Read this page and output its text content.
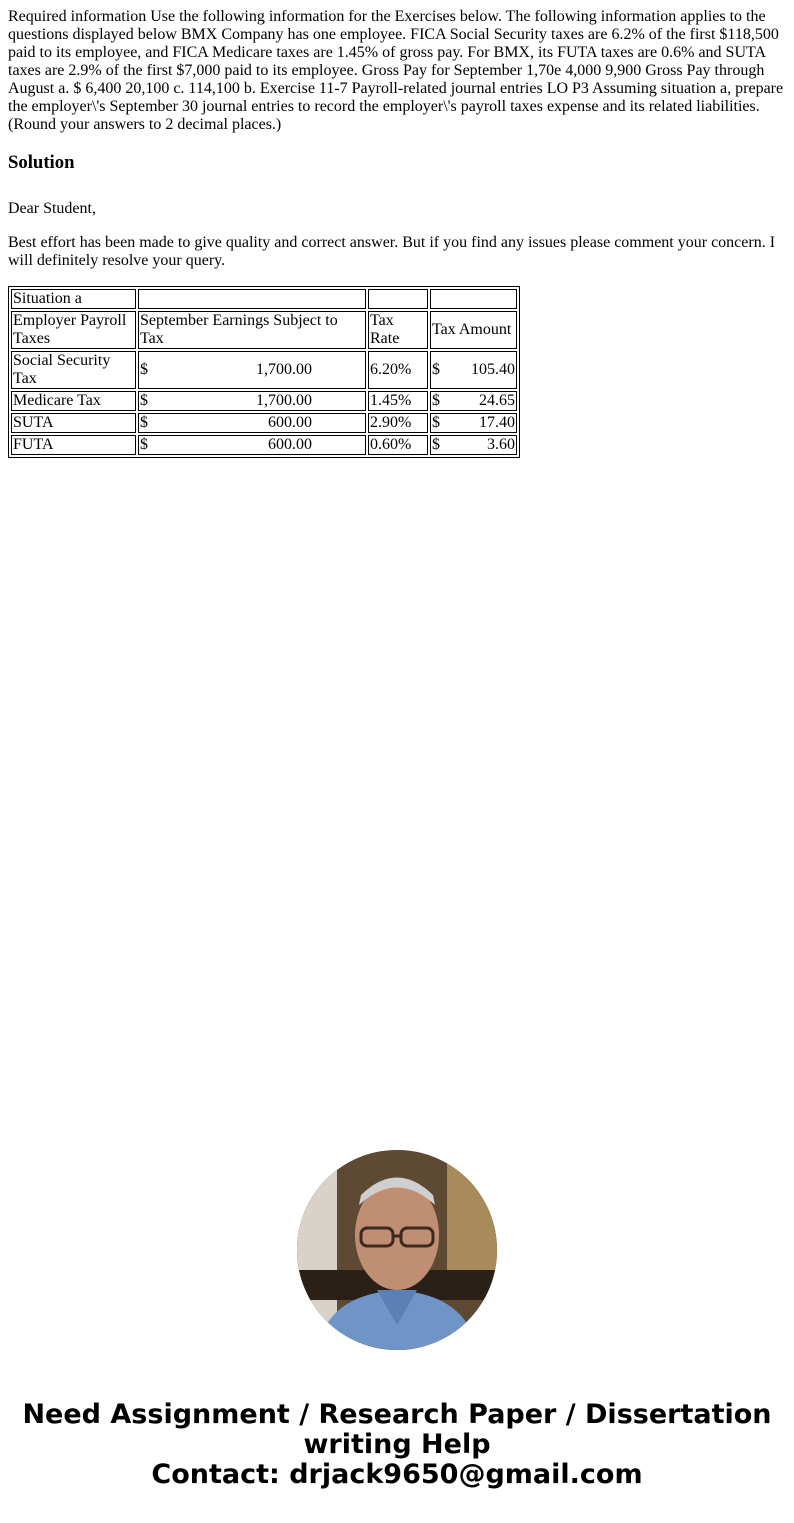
Required information Use the following information for the Exercises below. The following information applies to the questions displayed below BMX Company has one employee. FICA Social Security taxes are 6.2% of the first $118,500 paid to its employee, and FICA Medicare taxes are 1.45% of gross pay. For BMX, its FUTA taxes are 0.6% and SUTA taxes are 2.9% of the first $7,000 paid to its employee. Gross Pay for September 1,70e 4,000 9,900 Gross Pay through August a. $ 6,400 20,100 c. 114,100 b. Exercise 11-7 Payroll-related journal entries LO P3 Assuming situation a, prepare the employer\'s September 30 journal entries to record the employer\'s payroll taxes expense and its related liabilities. (Round your answers to 2 decimal places.)

Solution

Dear Student,

Best effort has been made to give quality and correct answer. But if you find any issues please comment your concern. I will definitely resolve your query.

Situation a			
Employer Payroll Taxes	September Earnings Subject to Tax	Tax Rate	Tax Amount
Social Security Tax	$ 1,700.00	6.20%	$ 105.40

Medicare Tax	$ 1,700.00	1.45%	$ 24.65

SUTA	$ 600.00	2.90%	$ 17.40

FUTA	$ 600.00	0.60%	$ 3.60
Need Assignment / Research Paper / Dissertation writing Help
Contact: drjack9650@gmail.com
